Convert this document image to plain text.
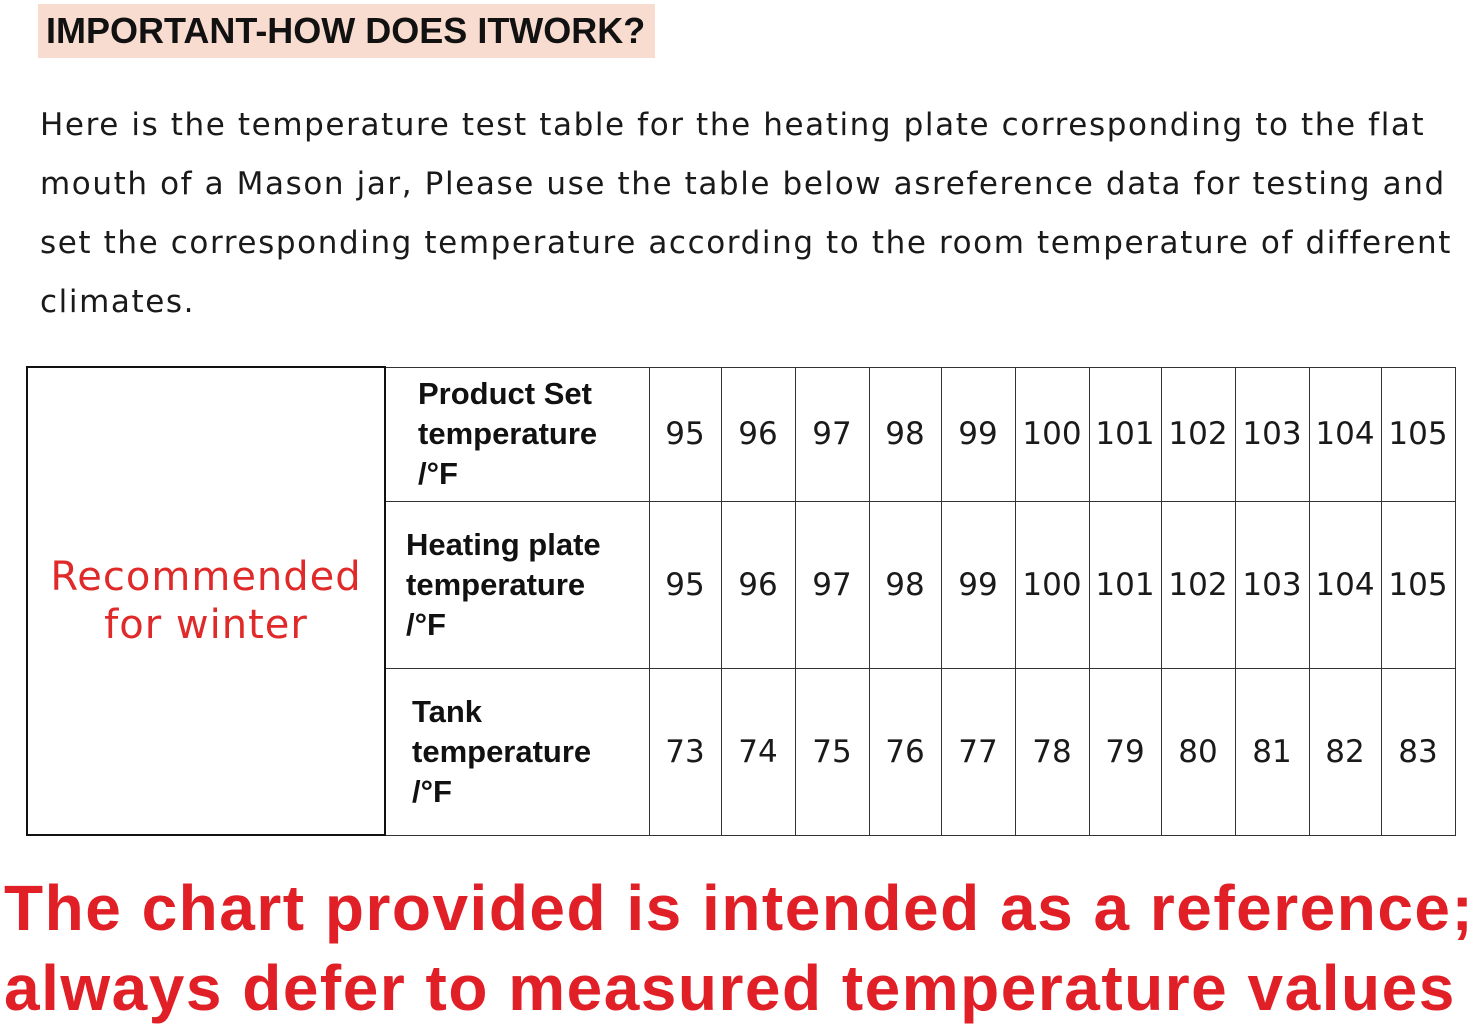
IMPORTANT-HOW DOES ITWORK?

Here is the temperature test table for the heating plate corresponding to the flat mouth of a Mason jar, Please use the table below asreference data for testing and set the corresponding temperature according to the room temperature of different climates.

Recommended for winter	Product Set
temperature
/°F	95	96	97	98	99	100	101	102	103	104	105

	Heating plate
temperature
/°F	95	96	97	98	99	100	101	102	103	104	105

	Tank
temperature
/°F	73	74	75	76	77	78	79	80	81	82	83

The chart provided is intended as a reference;
always defer to measured temperature values
